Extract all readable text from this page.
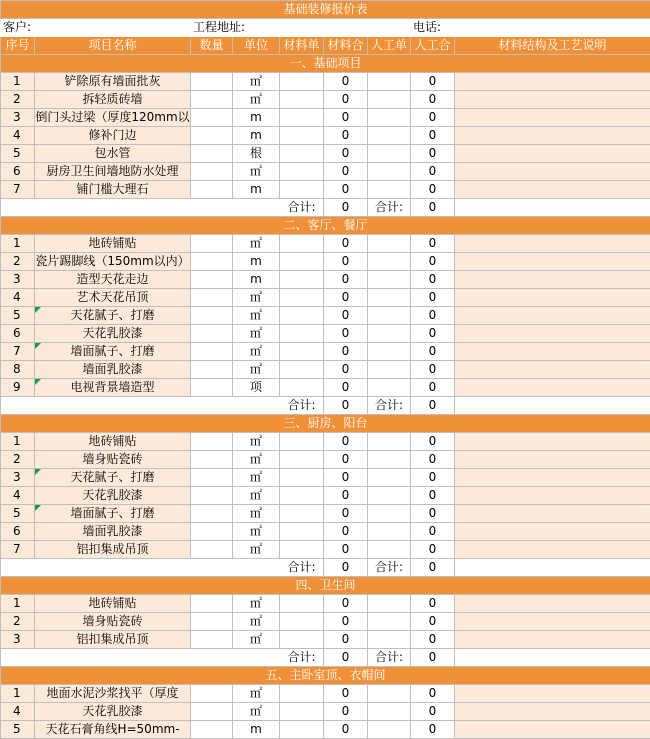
基础装修报价表								
客户:		工程地址:					电话:	
序号	项目名称	数量	单位	材料单	材料合	人工单	人工合	材料结构及工艺说明
一、基础项目								
1	铲除原有墙面批灰		㎡		0		0	
2	拆轻质砖墙		㎡		0		0	
3	倒门头过梁（厚度120mm以		m		0		0	
4	修补门边		m		0		0	
5	包水管		根		0		0	
6	厨房卫生间墙地防水处理		㎡		0		0	
7	铺门槛大理石		m		0		0	
				合计:	0	合计:	0	
二、客厅、餐厅								
1	地砖铺贴		㎡		0		0	
2	瓷片踢脚线（150mm以内）		m		0		0	
3	造型天花走边		m		0		0	
4	艺术天花吊顶		㎡		0		0	
5	天花腻子、打磨		㎡		0		0	
6	天花乳胶漆		㎡		0		0	
7	墙面腻子、打磨		㎡		0		0	
8	墙面乳胶漆		㎡		0		0	
9	电视背景墙造型		项		0		0	
				合计:	0	合计:	0	
三、厨房、阳台								
1	地砖铺贴		㎡		0		0	
2	墙身贴瓷砖		㎡		0		0	
3	天花腻子、打磨		㎡		0		0	
4	天花乳胶漆		㎡		0		0	
5	墙面腻子、打磨		㎡		0		0	
6	墙面乳胶漆		㎡		0		0	
7	铝扣集成吊顶		㎡		0		0	
				合计:	0	合计:	0	
四、卫生间								
1	地砖铺贴		㎡		0		0	
2	墙身贴瓷砖		㎡		0		0	
3	铝扣集成吊顶		㎡		0		0	
				合计:	0	合计:	0	
五、主卧室顶、衣帽间								
1	地面水泥沙浆找平（厚度		㎡		0		0	
4	天花乳胶漆		㎡		0		0	
5	天花石膏角线H=50mm-		m		0		0	
